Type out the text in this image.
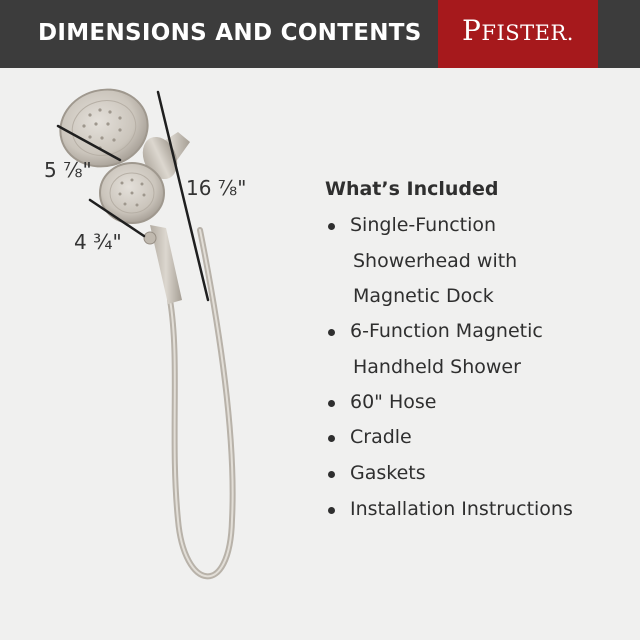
DIMENSIONS AND CONTENTS	PFISTER.
5 ⅞"
16 ⅞"
4 ¾"
What’s Included
Single-Function
Showerhead with
Magnetic Dock
6-Function Magnetic
Handheld Shower
60" Hose
Cradle
Gaskets
Installation Instructions
